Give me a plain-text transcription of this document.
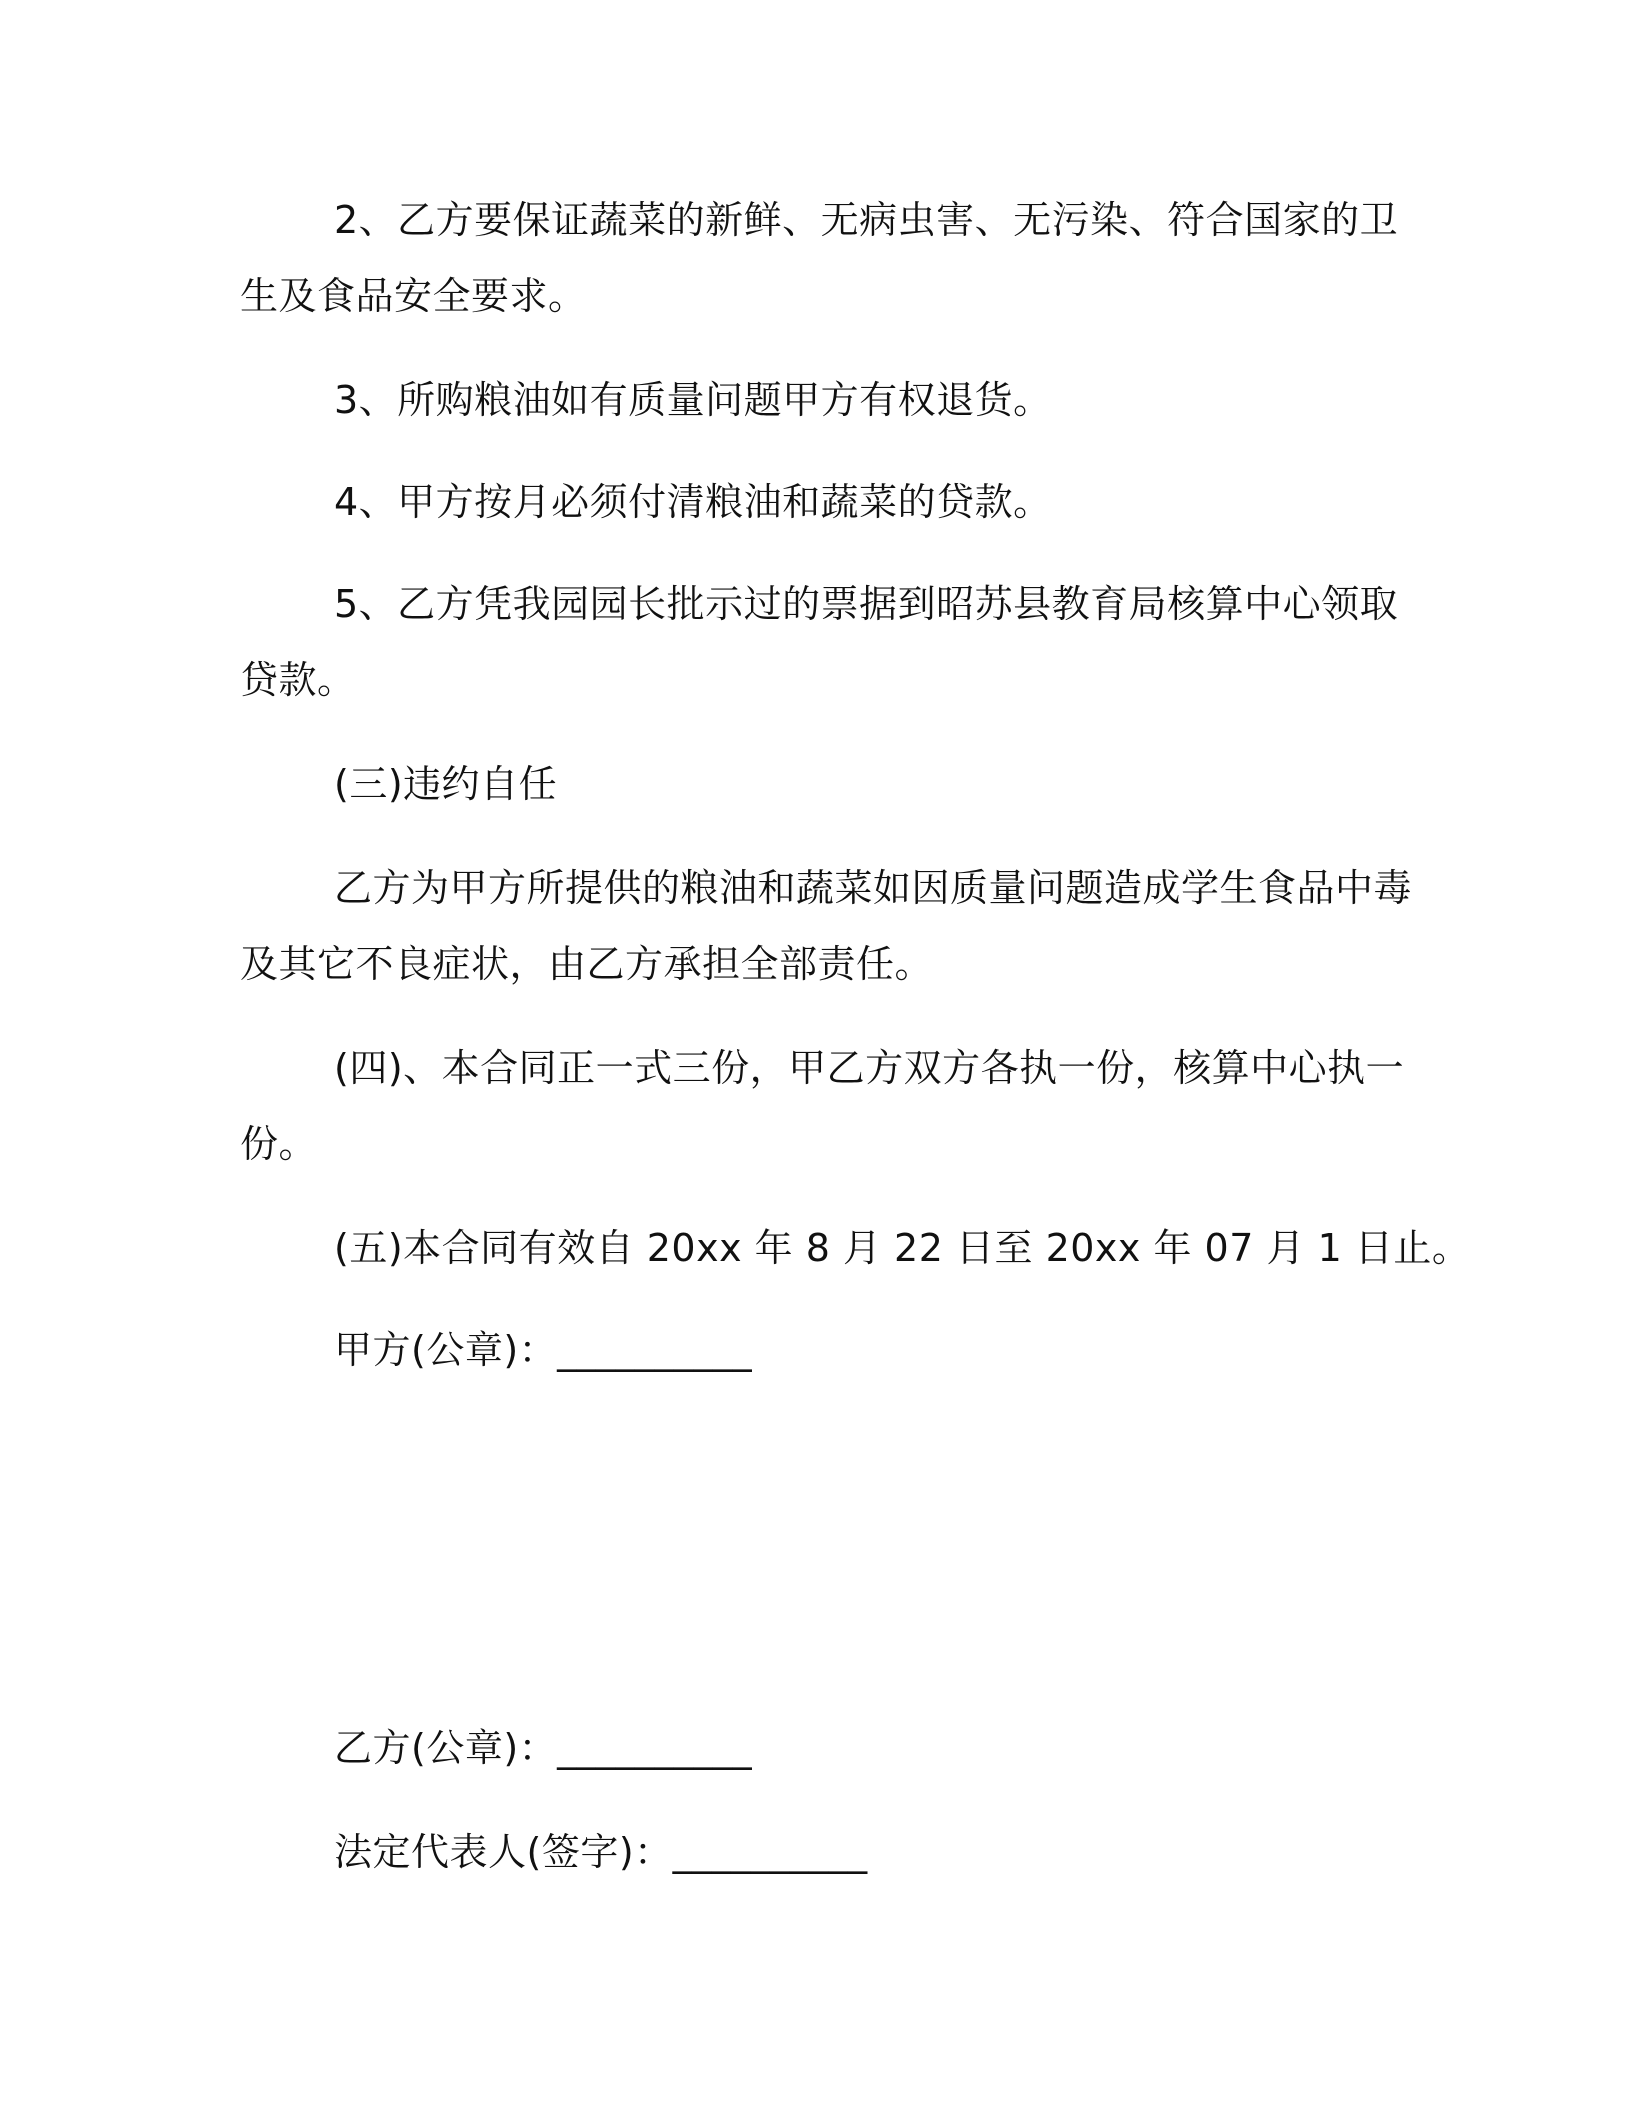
2、乙方要保证蔬菜的新鲜、无病虫害、无污染、符合国家的卫
生及食品安全要求。
3、所购粮油如有质量问题甲方有权退货。
4、甲方按月必须付清粮油和蔬菜的贷款。
5、乙方凭我园园长批示过的票据到昭苏县教育局核算中心领取
贷款。
(三)违约自任
乙方为甲方所提供的粮油和蔬菜如因质量问题造成学生食品中毒
及其它不良症状，由乙方承担全部责任。
(四)、本合同正一式三份，甲乙方双方各执一份，核算中心执一
份。
(五)本合同有效自 20xx 年 8 月 22 日至 20xx 年 07 月 1 日止。
甲方(公章)：__________
乙方(公章)：__________
法定代表人(签字)：__________
